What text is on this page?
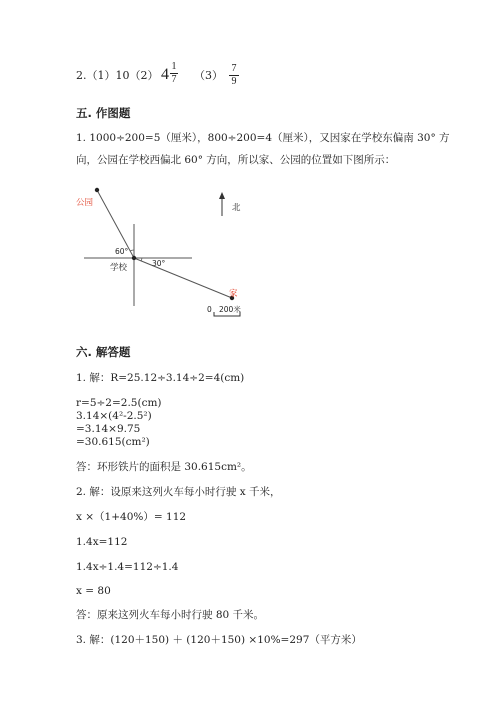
2.（1）10（2） 4 1
7 （3）
7
9
五. 作图题
1. 1000÷200=5（厘米），800÷200=4（厘米），又因家在学校东偏南 30° 方
向，公园在学校西偏北 60° 方向，所以家、公园的位置如下图所示：
公园
学校
家
北
60°
30°
0 200米
六. 解答题
1. 解：R=25.12÷3.14÷2=4(cm)
r=5÷2=2.5(cm)
3.14×(4²-2.5²)
=3.14×9.75
=30.615(cm²)
答：环形铁片的面积是 30.615cm²。
2. 解：设原来这列火车每小时行驶 x 千米，
x ×（1+40%）= 112
1.4x=112
1.4x÷1.4=112÷1.4
x = 80
答：原来这列火车每小时行驶 80 千米。
3. 解：(120＋150) ＋ (120＋150) ×10%=297（平方米）
